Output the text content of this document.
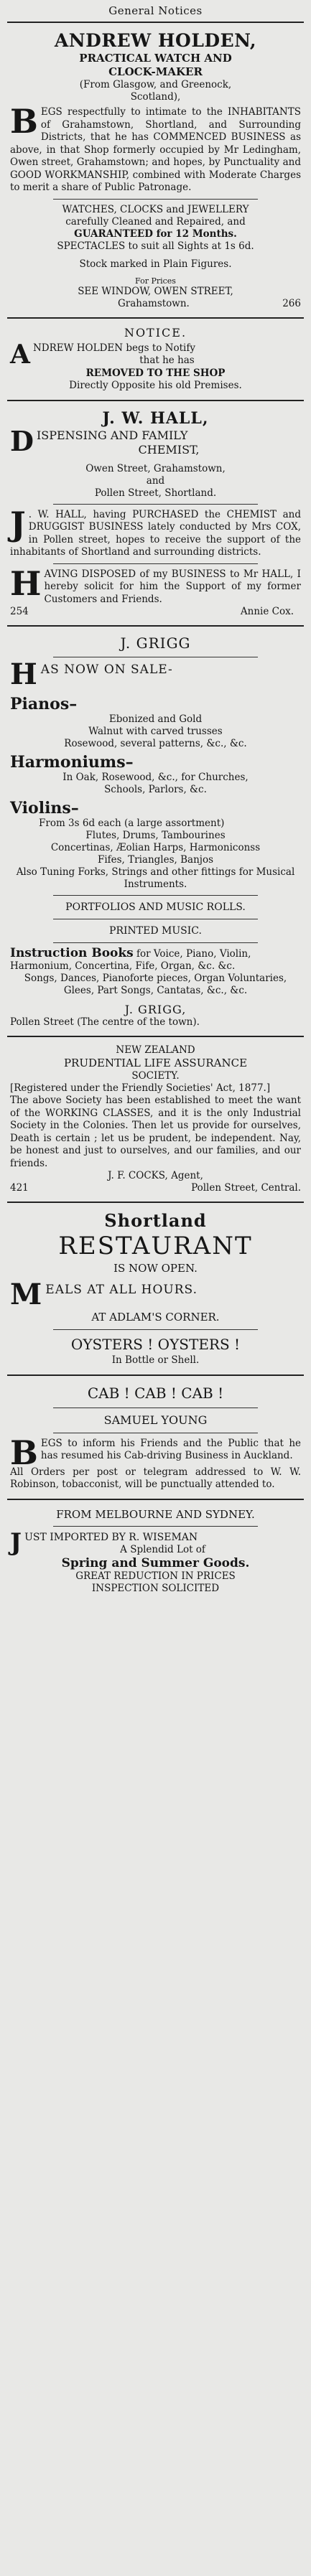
General Notices
ANDREW HOLDEN,
PRACTICAL WATCH AND
CLOCK-MAKER
(From Glasgow, and Greenock,
Scotland),

BEGS respectfully to intimate to the INHABITANTS of Grahamstown, Shortland, and Surrounding Districts, that he has COMMENCED BUSINESS as above, in that Shop formerly occupied by Mr Ledingham, Owen street, Grahamstown; and hopes, by Punctuality and GOOD WORKMANSHIP, combined with Moderate Charges to merit a share of Public Patronage.

WATCHES, CLOCKS and JEWELLERY
carefully Cleaned and Repaired, and
GUARANTEED for 12 Months.
SPECTACLES to suit all Sights at 1s 6d.
Stock marked in Plain Figures.
For Prices
SEE WINDOW, OWEN STREET,
Grahamstown.	266
NOTICE.

ANDREW HOLDEN begs to Notify

that he has
REMOVED TO THE SHOP
Directly Opposite his old Premises.
J. W. HALL,

DISPENSING AND FAMILY

CHEMIST,
Owen Street, Grahamstown,
and
Pollen Street, Shortland.

J . W. HALL, having PURCHASED the CHEMIST and DRUGGIST BUSINESS lately conducted by Mrs COX, in Pollen street, hopes to receive the support of the inhabitants of Shortland and surrounding districts.

HAVING DISPOSED of my BUSINESS to Mr HALL, I hereby solicit for him the Support of my former Customers and Friends.

254	Annie Cox.
J. GRIGG

HAS NOW ON SALE-

Pianos–
Ebonized and Gold
Walnut with carved trusses
Rosewood, several patterns, &c., &c.
Harmoniums–
In Oak, Rosewood, &c., for Churches,
Schools, Parlors, &c.
Violins–
From 3s 6d each (a large assortment)
Flutes, Drums, Tambourines
Concertinas, Æolian Harps, Harmoniconss
Fifes, Triangles, Banjos
Also Tuning Forks, Strings and other fittings for Musical Instruments.
PORTFOLIOS AND MUSIC ROLLS.
PRINTED MUSIC.

Instruction Books for Voice, Piano, Violin, Harmonium, Concertina, Fife, Organ, &c. &c.

Songs, Dances, Pianoforte pieces, Organ Voluntaries, Glees, Part Songs, Cantatas, &c., &c.
J. GRIGG,
Pollen Street (The centre of the town).
NEW ZEALAND
PRUDENTIAL LIFE ASSURANCE
SOCIETY.
[Registered under the Friendly Societies' Act, 1877.]
The above Society has been established to meet the want of the WORKING CLASSES, and it is the only Industrial Society in the Colonies. Then let us provide for ourselves, Death is certain ; let us be prudent, be independent. Nay, be honest and just to ourselves, and our families, and our friends.
J. F. COCKS, Agent,
421	Pollen Street, Central.
Shortland
RESTAURANT
IS NOW OPEN.

MEALS AT ALL HOURS.

AT ADLAM'S CORNER.
OYSTERS ! OYSTERS !
In Bottle or Shell.
CAB ! CAB ! CAB !
SAMUEL YOUNG

BEGS to inform his Friends and the Public that he has resumed his Cab-driving Business in Auckland.

All Orders per post or telegram addressed to W. W. Robinson, tobacconist, will be punctually attended to.
FROM MELBOURNE AND SYDNEY.

JUST IMPORTED BY R. WISEMAN

A Splendid Lot of
Spring and Summer Goods.
GREAT REDUCTION IN PRICES
INSPECTION SOLICITED
